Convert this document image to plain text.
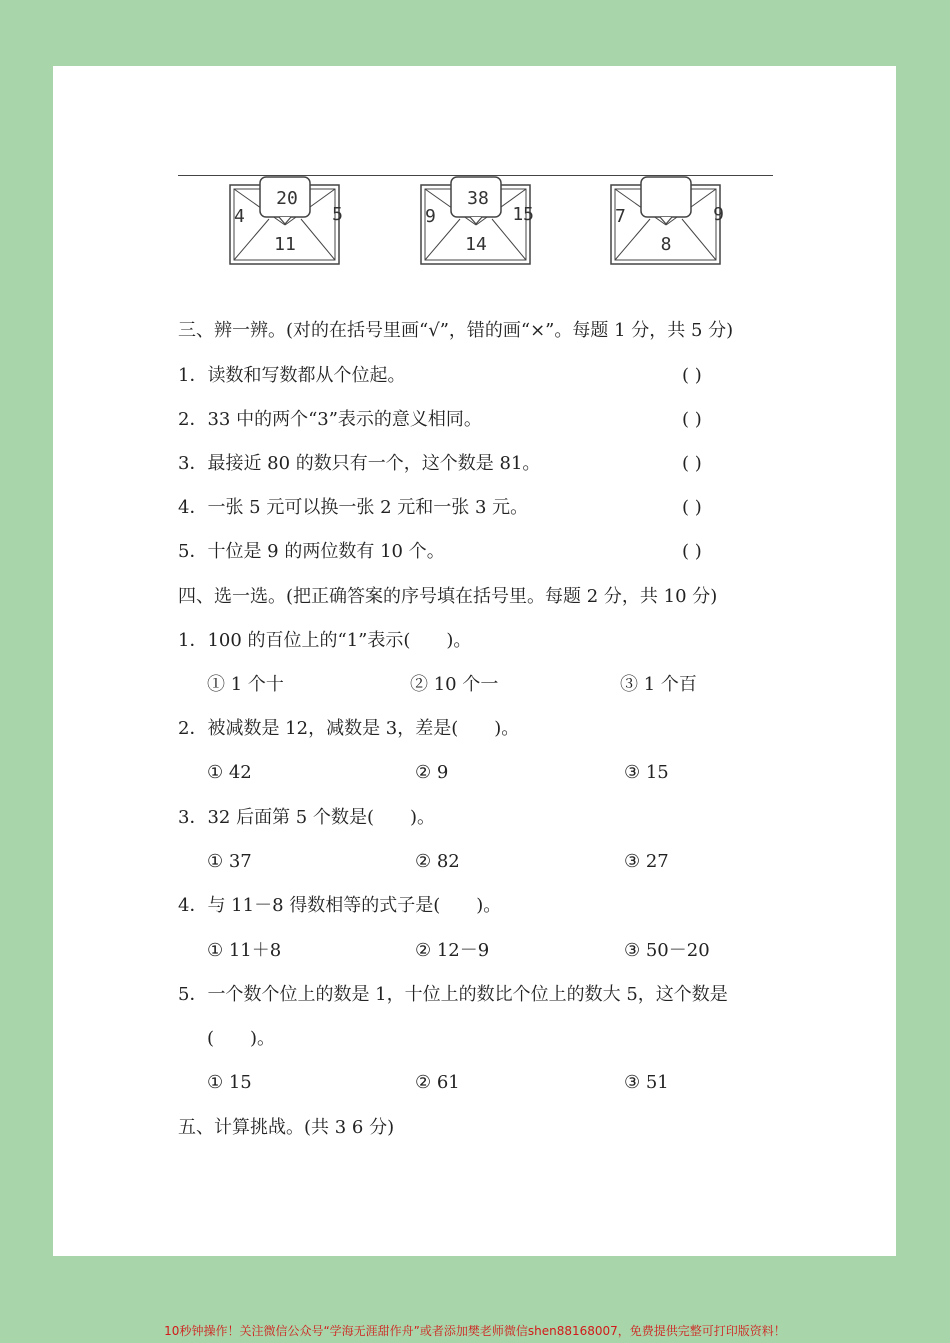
20
4	5
11
38
9	15
14
7	9
8
三、辨一辨。(对的在括号里画“√”，错的画“×”。每题 1 分，共 5 分)
1．读数和写数都从个位起。	( )
2．33 中的两个“3”表示的意义相同。	( )
3．最接近 80 的数只有一个，这个数是 81。	( )
4．一张 5 元可以换一张 2 元和一张 3 元。	( )
5．十位是 9 的两位数有 10 个。	( )
四、选一选。(把正确答案的序号填在括号里。每题 2 分，共 10 分)
1．100 的百位上的“1”表示(　　)。
① 1 个十	② 10 个一	③ 1 个百
2．被减数是 12，减数是 3，差是(　　)。
① 42	② 9	③ 15
3．32 后面第 5 个数是(　　)。
① 37	② 82	③ 27
4．与 11－8 得数相等的式子是(　　)。
① 11＋8	② 12－9	③ 50－20
5．一个数个位上的数是 1，十位上的数比个位上的数大 5，这个数是
(　　)。
① 15	② 61	③ 51
五、计算挑战。(共 3 6 分)
10秒钟操作！关注微信公众号“学海无涯甜作舟”或者添加樊老师微信shen88168007，免费提供完整可打印版资料！
